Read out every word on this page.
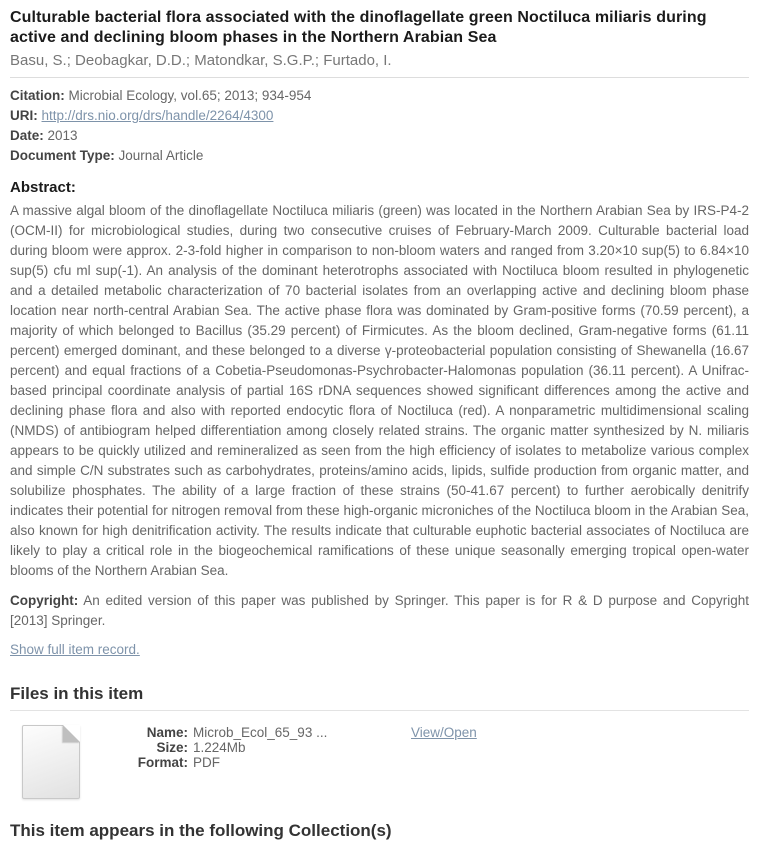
Culturable bacterial flora associated with the dinoflagellate green Noctiluca miliaris during active and declining bloom phases in the Northern Arabian Sea
Basu, S.; Deobagkar, D.D.; Matondkar, S.G.P.; Furtado, I.

Citation: Microbial Ecology, vol.65; 2013; 934-954

URI: http://drs.nio.org/drs/handle/2264/4300

Date: 2013

Document Type: Journal Article

Abstract:

A massive algal bloom of the dinoflagellate Noctiluca miliaris (green) was located in the Northern Arabian Sea by IRS-P4-2 (OCM-II) for microbiological studies, during two consecutive cruises of February-March 2009. Culturable bacterial load during bloom were approx. 2-3-fold higher in comparison to non-bloom waters and ranged from 3.20×10 sup(5) to 6.84×10 sup(5) cfu ml sup(-1). An analysis of the dominant heterotrophs associated with Noctiluca bloom resulted in phylogenetic and a detailed metabolic characterization of 70 bacterial isolates from an overlapping active and declining bloom phase location near north-central Arabian Sea. The active phase flora was dominated by Gram-positive forms (70.59 percent), a majority of which belonged to Bacillus (35.29 percent) of Firmicutes. As the bloom declined, Gram-negative forms (61.11 percent) emerged dominant, and these belonged to a diverse γ-proteobacterial population consisting of Shewanella (16.67 percent) and equal fractions of a Cobetia-Pseudomonas-Psychrobacter-Halomonas population (36.11 percent). A Unifrac-based principal coordinate analysis of partial 16S rDNA sequences showed significant differences among the active and declining phase flora and also with reported endocytic flora of Noctiluca (red). A nonparametric multidimensional scaling (NMDS) of antibiogram helped differentiation among closely related strains. The organic matter synthesized by N. miliaris appears to be quickly utilized and remineralized as seen from the high efficiency of isolates to metabolize various complex and simple C/N substrates such as carbohydrates, proteins/amino acids, lipids, sulfide production from organic matter, and solubilize phosphates. The ability of a large fraction of these strains (50-41.67 percent) to further aerobically denitrify indicates their potential for nitrogen removal from these high-organic microniches of the Noctiluca bloom in the Arabian Sea, also known for high denitrification activity. The results indicate that culturable euphotic bacterial associates of Noctiluca are likely to play a critical role in the biogeochemical ramifications of these unique seasonally emerging tropical open-water blooms of the Northern Arabian Sea.

Copyright: An edited version of this paper was published by Springer. This paper is for R & D purpose and Copyright [2013] Springer.

Show full item record.

Files in this item
Name: Microb_Ecol_65_93 ...
Size: 1.224Mb
Format: PDF
View/Open
This item appears in the following Collection(s)
